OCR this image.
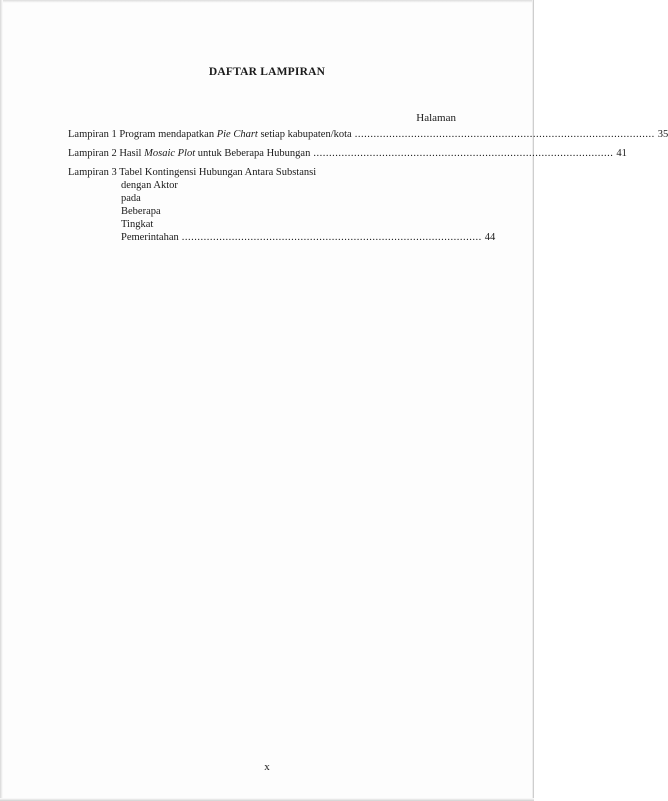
DAFTAR LAMPIRAN
Halaman
Lampiran 1 Program mendapatkan Pie Chart setiap kabupaten/kota ................................................................................................ 35
Lampiran 2 Hasil Mosaic Plot untuk Beberapa Hubungan ................................................................................................ 41
Lampiran 3 Tabel Kontingensi Hubungan Antara Substansi
dengan Aktor pada Beberapa Tingkat Pemerintahan ................................................................................................ 44
x
